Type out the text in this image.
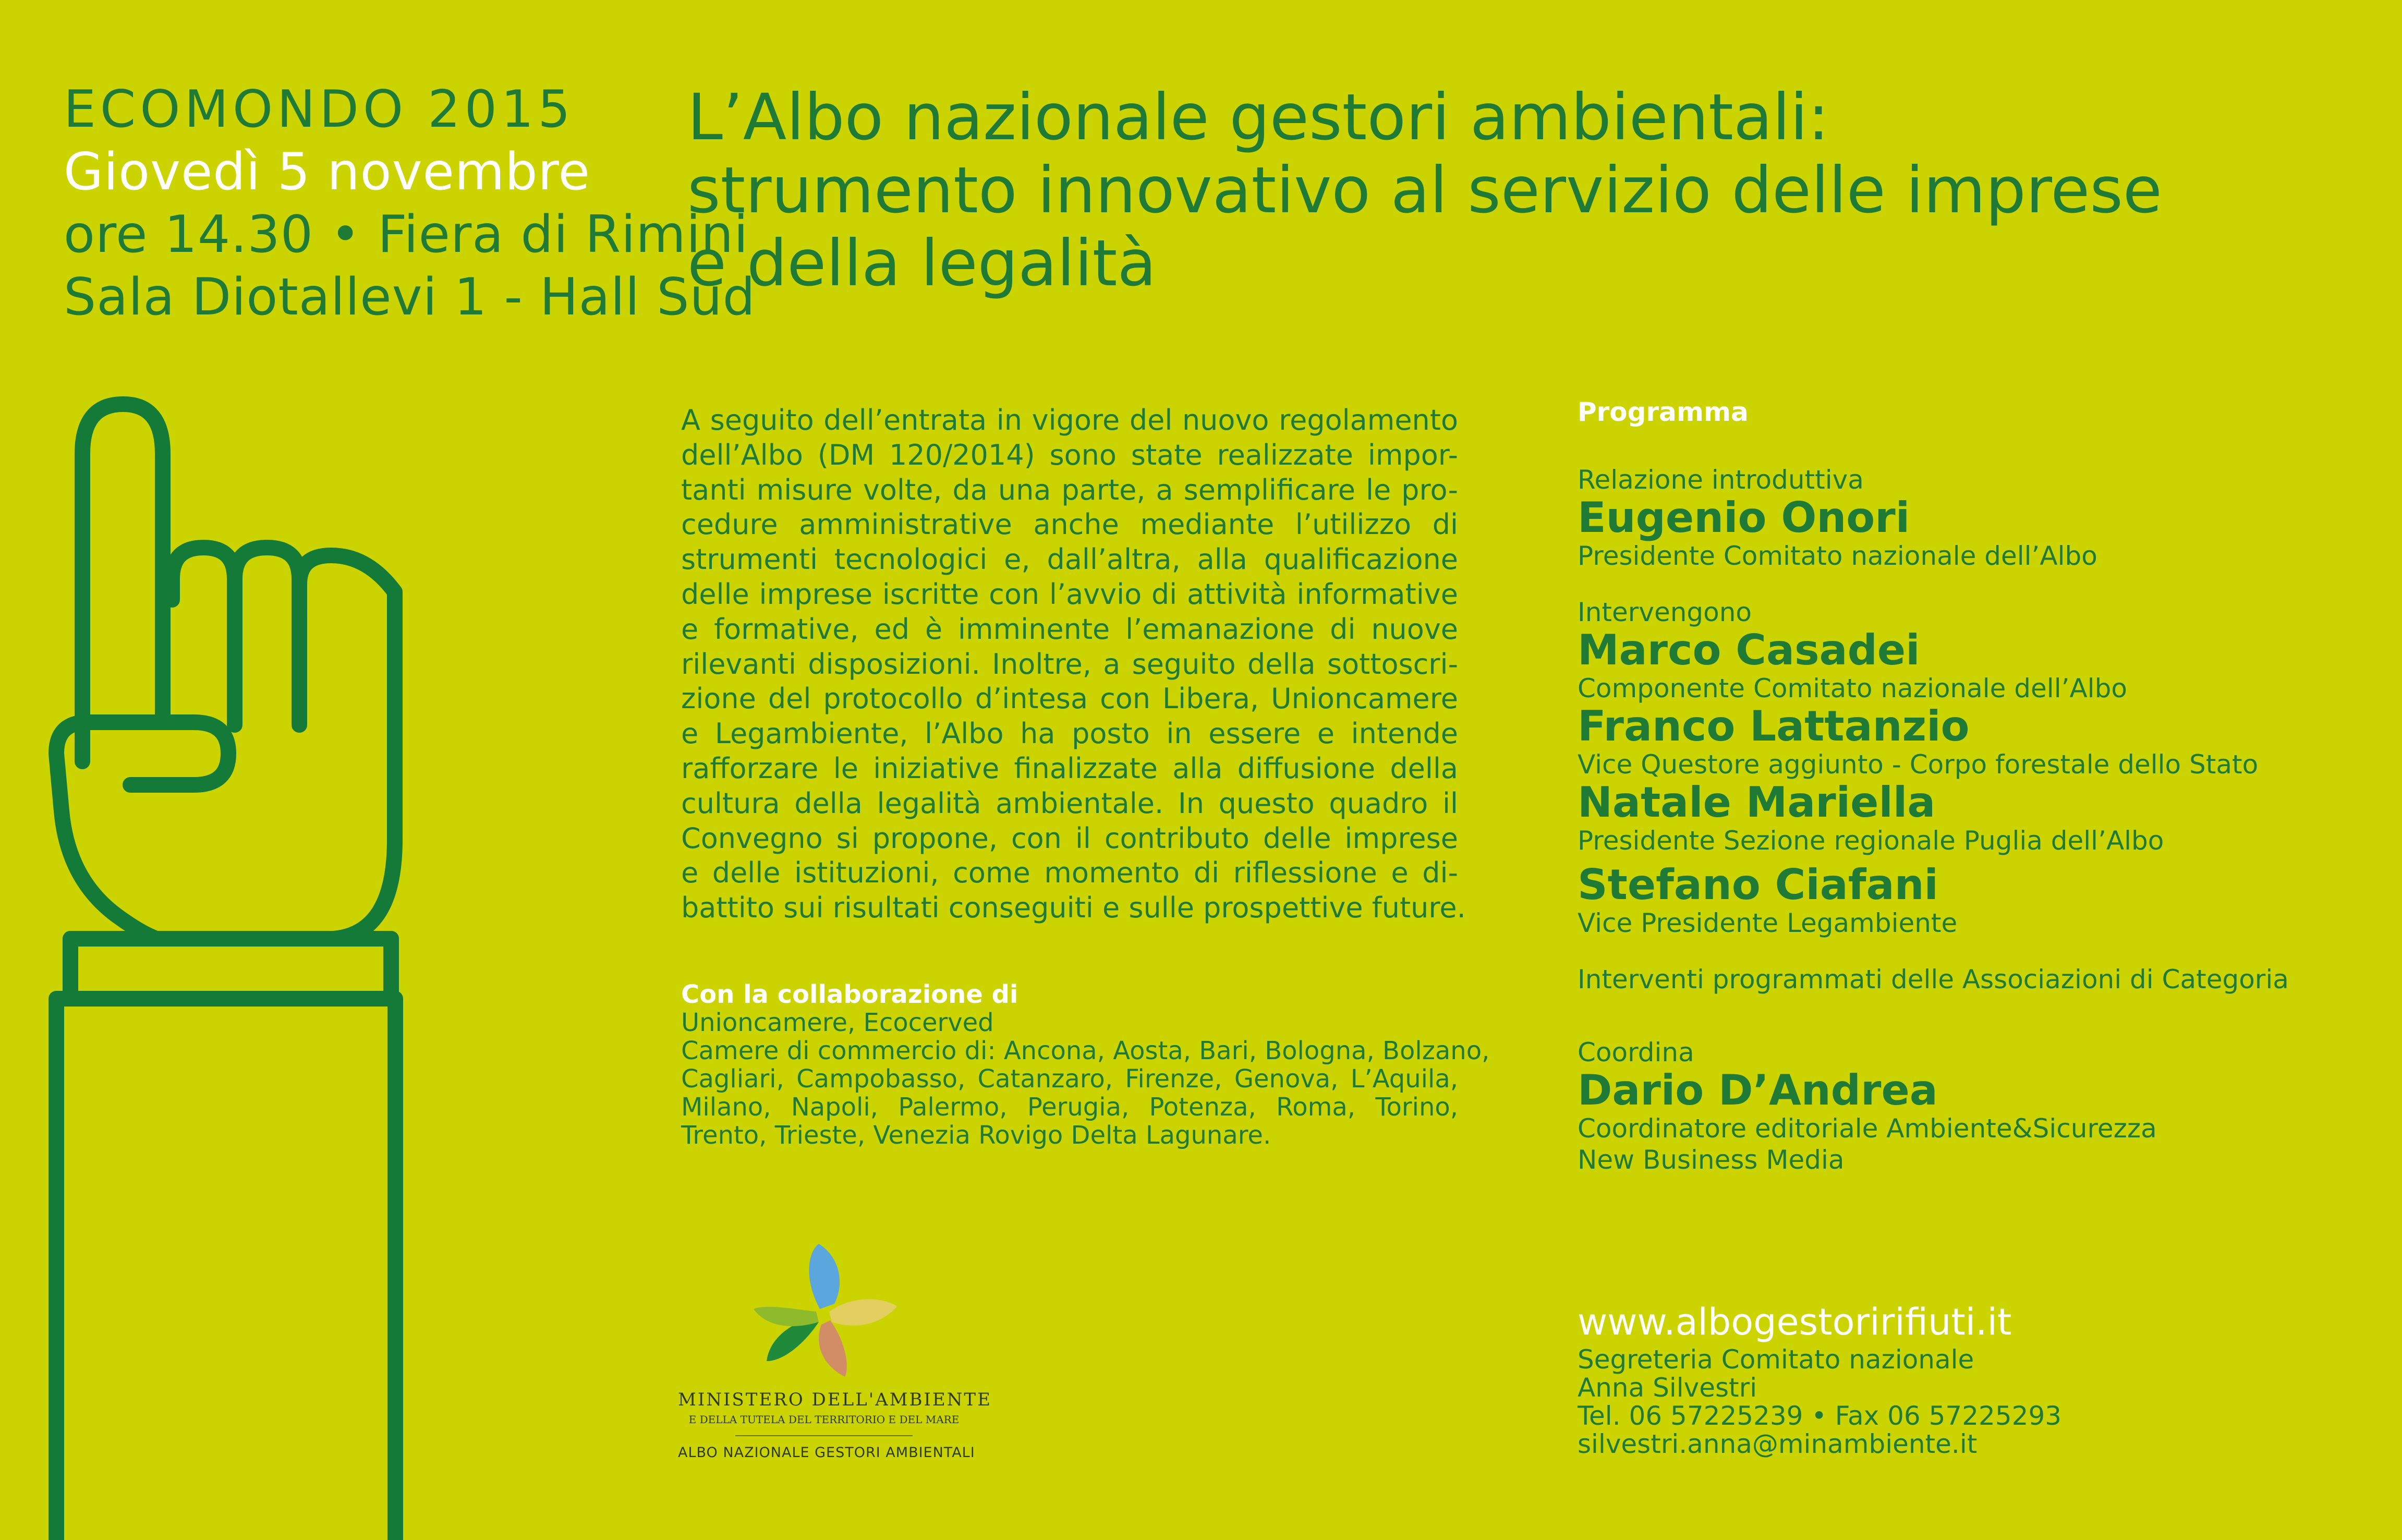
ECOMONDO 2015
Giovedì 5 novembre
ore 14.30 • Fiera di Rimini
Sala Diotallevi 1 - Hall Sud
L’Albo nazionale gestori ambientali:
strumento innovativo al servizio delle imprese
e della legalità
A seguito dell’entrata in vigore del nuovo regolamento
dell’Albo (DM 120/2014) sono state realizzate impor-
tanti misure volte, da una parte, a semplificare le pro-
cedure amministrative anche mediante l’utilizzo di
strumenti tecnologici e, dall’altra, alla qualificazione
delle imprese iscritte con l’avvio di attività informative
e formative, ed è imminente l’emanazione di nuove
rilevanti disposizioni. Inoltre, a seguito della sottoscri-
zione del protocollo d’intesa con Libera, Unioncamere
e Legambiente, l’Albo ha posto in essere e intende
rafforzare le iniziative finalizzate alla diffusione della
cultura della legalità ambientale. In questo quadro il
Convegno si propone, con il contributo delle imprese
e delle istituzioni, come momento di riflessione e di-
battito sui risultati conseguiti e sulle prospettive future.
Con la collaborazione di
Unioncamere, Ecocerved
Camere di commercio di: Ancona, Aosta, Bari, Bologna, Bolzano,
Cagliari, Campobasso, Catanzaro, Firenze, Genova, L’Aquila,
Milano, Napoli, Palermo, Perugia, Potenza, Roma, Torino,
Trento, Trieste, Venezia Rovigo Delta Lagunare.
MINISTERO DELL'AMBIENTE
E DELLA TUTELA DEL TERRITORIO E DEL MARE
ALBO NAZIONALE GESTORI AMBIENTALI
Programma
Relazione introduttiva
Eugenio Onori
Presidente Comitato nazionale dell’Albo
Intervengono
Marco Casadei
Componente Comitato nazionale dell’Albo
Franco Lattanzio
Vice Questore aggiunto - Corpo forestale dello Stato
Natale Mariella
Presidente Sezione regionale Puglia dell’Albo
Stefano Ciafani
Vice Presidente Legambiente
Interventi programmati delle Associazioni di Categoria
Coordina
Dario D’Andrea
Coordinatore editoriale Ambiente&Sicurezza
New Business Media
www.albogestoririfiuti.it
Segreteria Comitato nazionale
Anna Silvestri
Tel. 06 57225239 • Fax 06 57225293
silvestri.anna@minambiente.it
